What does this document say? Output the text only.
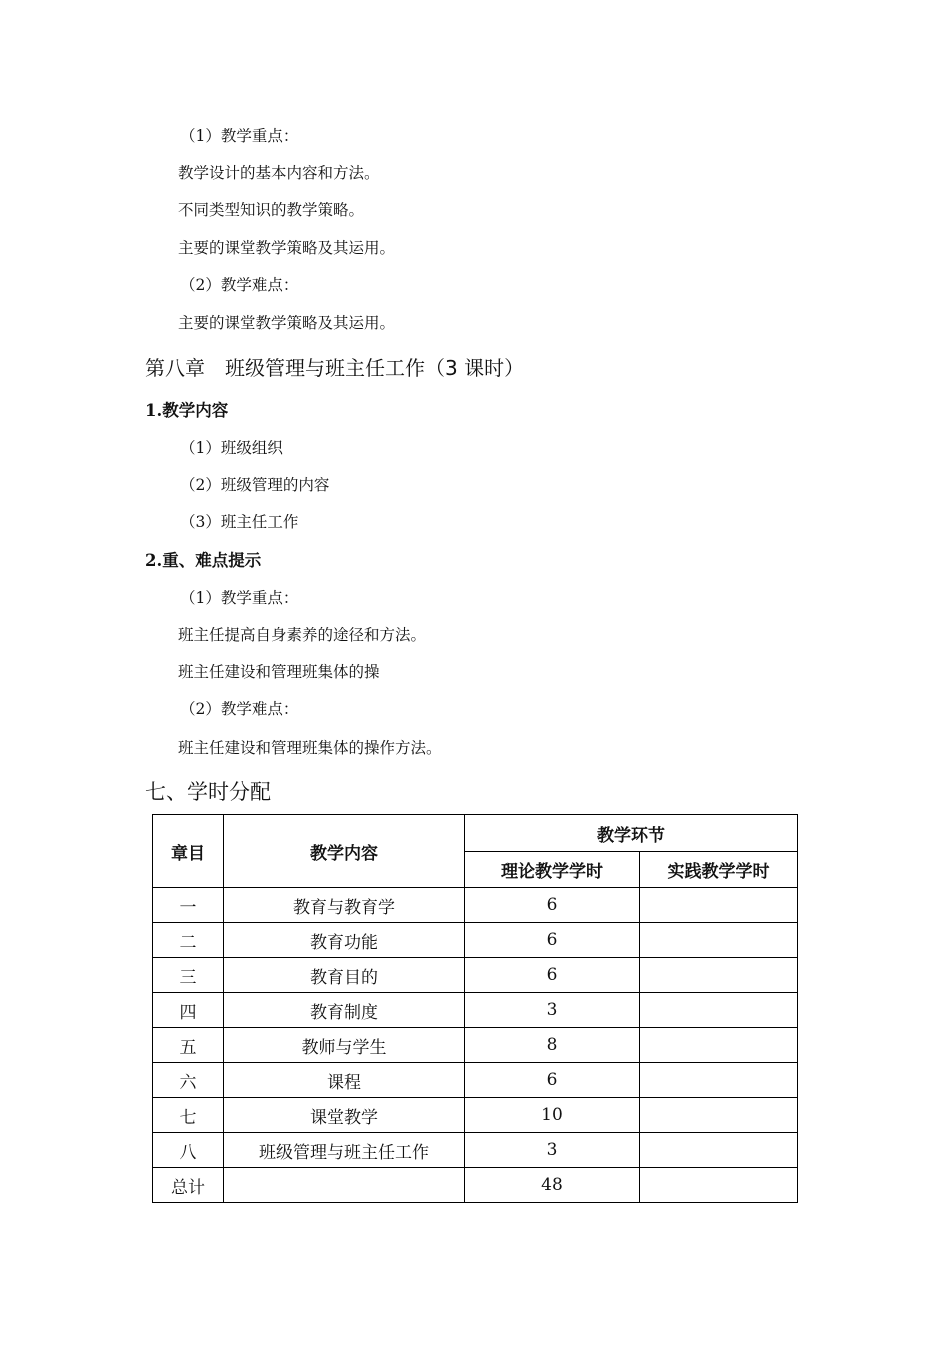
（1）教学重点：
教学设计的基本内容和方法。
不同类型知识的教学策略。
主要的课堂教学策略及其运用。
（2）教学难点：
主要的课堂教学策略及其运用。
第八章　班级管理与班主任工作（3 课时）
1.教学内容
（1）班级组织
（2）班级管理的内容
（3）班主任工作
2.重、难点提示
（1）教学重点：
班主任提高自身素养的途径和方法。
班主任建设和管理班集体的操
（2）教学难点：
班主任建设和管理班集体的操作方法。
七、学时分配
章目	教学内容	教学环节	
		理论教学学时	实践教学学时
一	教育与教育学	6	
二	教育功能	6	
三	教育目的	6	
四	教育制度	3	
五	教师与学生	8	
六	课程	6	
七	课堂教学	10	
八	班级管理与班主任工作	3	
总计		48	
